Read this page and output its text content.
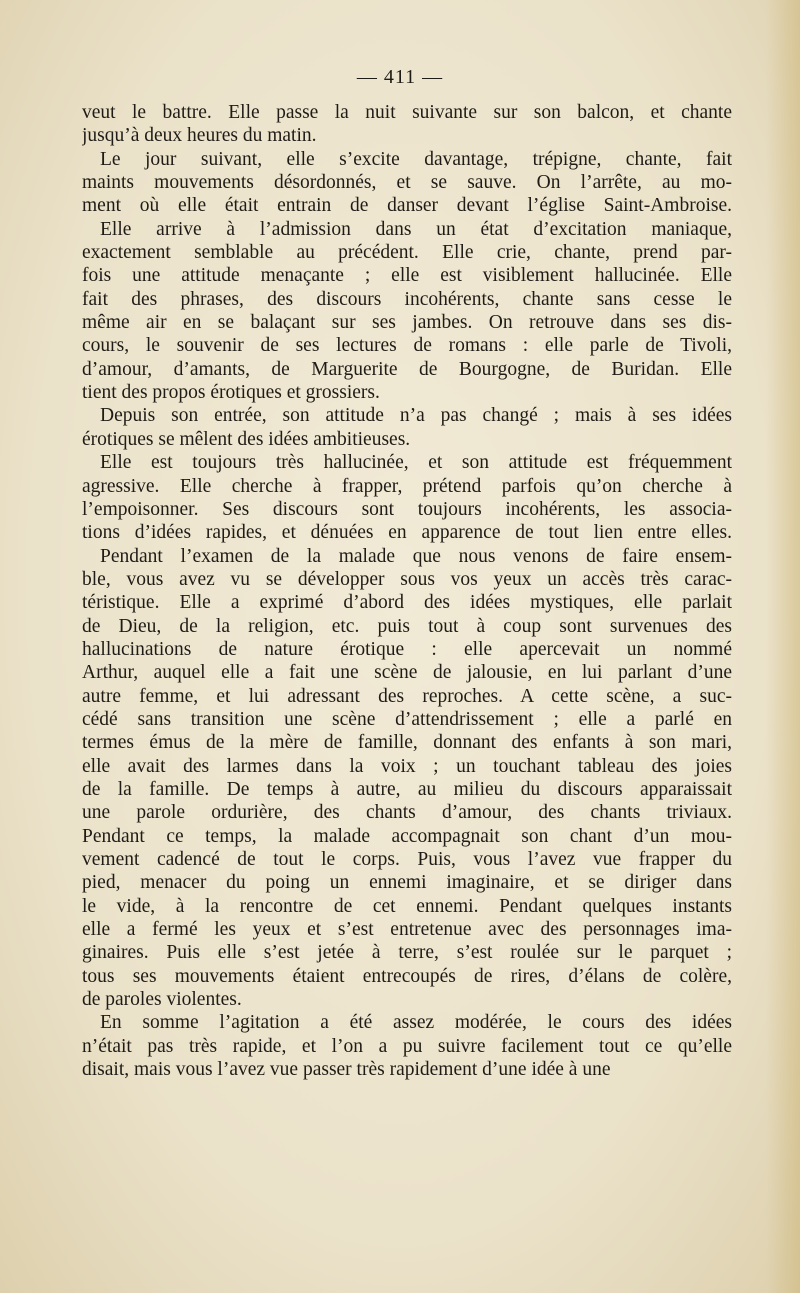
— 411 —
veut le battre. Elle passe la nuit suivante sur son balcon, et chante
jusqu’à deux heures du matin.
Le jour suivant, elle s’excite davantage, trépigne, chante, fait
maints mouvements désordonnés, et se sauve. On l’arrête, au mo-
ment où elle était entrain de danser devant l’église Saint-Ambroise.
Elle arrive à l’admission dans un état d’excitation maniaque,
exactement semblable au précédent. Elle crie, chante, prend par-
fois une attitude menaçante ; elle est visiblement hallucinée. Elle
fait des phrases, des discours incohérents, chante sans cesse le
même air en se balaçant sur ses jambes. On retrouve dans ses dis-
cours, le souvenir de ses lectures de romans : elle parle de Tivoli,
d’amour, d’amants, de Marguerite de Bourgogne, de Buridan. Elle
tient des propos érotiques et grossiers.
Depuis son entrée, son attitude n’a pas changé ; mais à ses idées
érotiques se mêlent des idées ambitieuses.
Elle est toujours très hallucinée, et son attitude est fréquemment
agressive. Elle cherche à frapper, prétend parfois qu’on cherche à
l’empoisonner. Ses discours sont toujours incohérents, les associa-
tions d’idées rapides, et dénuées en apparence de tout lien entre elles.
Pendant l’examen de la malade que nous venons de faire ensem-
ble, vous avez vu se développer sous vos yeux un accès très carac-
téristique. Elle a exprimé d’abord des idées mystiques, elle parlait
de Dieu, de la religion, etc. puis tout à coup sont survenues des
hallucinations de nature érotique : elle apercevait un nommé
Arthur, auquel elle a fait une scène de jalousie, en lui parlant d’une
autre femme, et lui adressant des reproches. A cette scène, a suc-
cédé sans transition une scène d’attendrissement ; elle a parlé en
termes émus de la mère de famille, donnant des enfants à son mari,
elle avait des larmes dans la voix ; un touchant tableau des joies
de la famille. De temps à autre, au milieu du discours apparaissait
une parole ordurière, des chants d’amour, des chants triviaux.
Pendant ce temps, la malade accompagnait son chant d’un mou-
vement cadencé de tout le corps. Puis, vous l’avez vue frapper du
pied, menacer du poing un ennemi imaginaire, et se diriger dans
le vide, à la rencontre de cet ennemi. Pendant quelques instants
elle a fermé les yeux et s’est entretenue avec des personnages ima-
ginaires. Puis elle s’est jetée à terre, s’est roulée sur le parquet ;
tous ses mouvements étaient entrecoupés de rires, d’élans de colère,
de paroles violentes.
En somme l’agitation a été assez modérée, le cours des idées
n’était pas très rapide, et l’on a pu suivre facilement tout ce qu’elle
disait, mais vous l’avez vue passer très rapidement d’une idée à une
